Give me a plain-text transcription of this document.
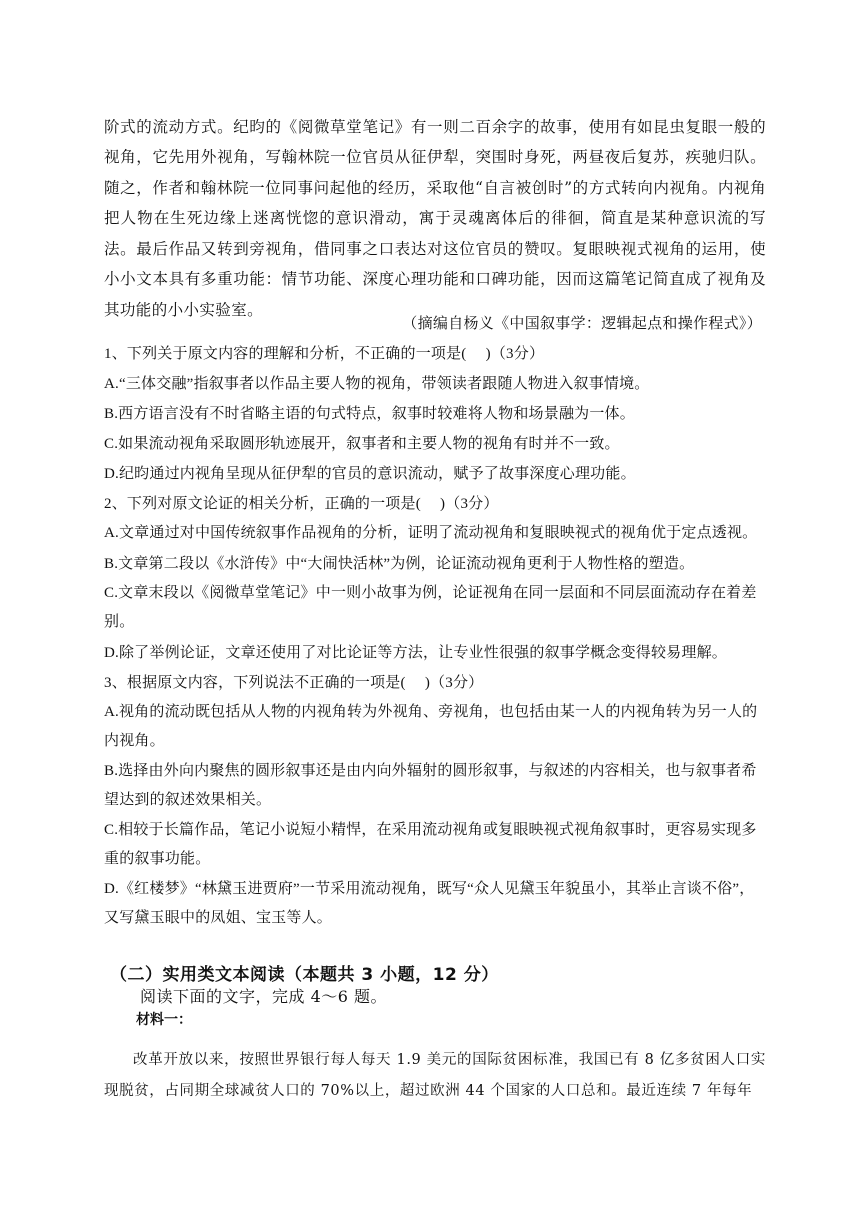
阶式的流动方式。纪昀的《阅微草堂笔记》有一则二百余字的故事，使用有如昆虫复眼一般的视角，它先用外视角，写翰林院一位官员从征伊犁，突围时身死，两昼夜后复苏，疾驰归队。随之，作者和翰林院一位同事问起他的经历，采取他“自言被创时”的方式转向内视角。内视角把人物在生死边缘上迷离恍惚的意识滑动，寓于灵魂离体后的徘徊，简直是某种意识流的写法。最后作品又转到旁视角，借同事之口表达对这位官员的赞叹。复眼映视式视角的运用，使小小文本具有多重功能：情节功能、深度心理功能和口碑功能，因而这篇笔记简直成了视角及其功能的小小实验室。

（摘编自杨义《中国叙事学：逻辑起点和操作程式》）

1、下列关于原文内容的理解和分析，不正确的一项是(　 )（3分）

A.“三体交融”指叙事者以作品主要人物的视角，带领读者跟随人物进入叙事情境。

B.西方语言没有不时省略主语的句式特点，叙事时较难将人物和场景融为一体。

C.如果流动视角采取圆形轨迹展开，叙事者和主要人物的视角有时并不一致。

D.纪昀通过内视角呈现从征伊犁的官员的意识流动，赋予了故事深度心理功能。

2、下列对原文论证的相关分析，正确的一项是(　 )（3分）

A.文章通过对中国传统叙事作品视角的分析，证明了流动视角和复眼映视式的视角优于定点透视。

B.文章第二段以《水浒传》中“大闹快活林”为例，论证流动视角更利于人物性格的塑造。

C.文章末段以《阅微草堂笔记》中一则小故事为例，论证视角在同一层面和不同层面流动存在着差别。

D.除了举例论证，文章还使用了对比论证等方法，让专业性很强的叙事学概念变得较易理解。

3、根据原文内容，下列说法不正确的一项是(　 )（3分）

A.视角的流动既包括从人物的内视角转为外视角、旁视角，也包括由某一人的内视角转为另一人的内视角。

B.选择由外向内聚焦的圆形叙事还是由内向外辐射的圆形叙事，与叙述的内容相关，也与叙事者希望达到的叙述效果相关。

C.相较于长篇作品，笔记小说短小精悍，在采用流动视角或复眼映视式视角叙事时，更容易实现多重的叙事功能。

D.《红楼梦》“林黛玉进贾府”一节采用流动视角，既写“众人见黛玉年貌虽小，其举止言谈不俗”，又写黛玉眼中的凤姐、宝玉等人。

（二）实用类文本阅读（本题共 3 小题，12 分）
阅读下面的文字，完成 4～6 题。
材料一：

改革开放以来，按照世界银行每人每天 1.9 美元的国际贫困标准，我国已有 8 亿多贫困人口实现脱贫，占同期全球减贫人口的 70%以上，超过欧洲 44 个国家的人口总和。最近连续 7 年每年
